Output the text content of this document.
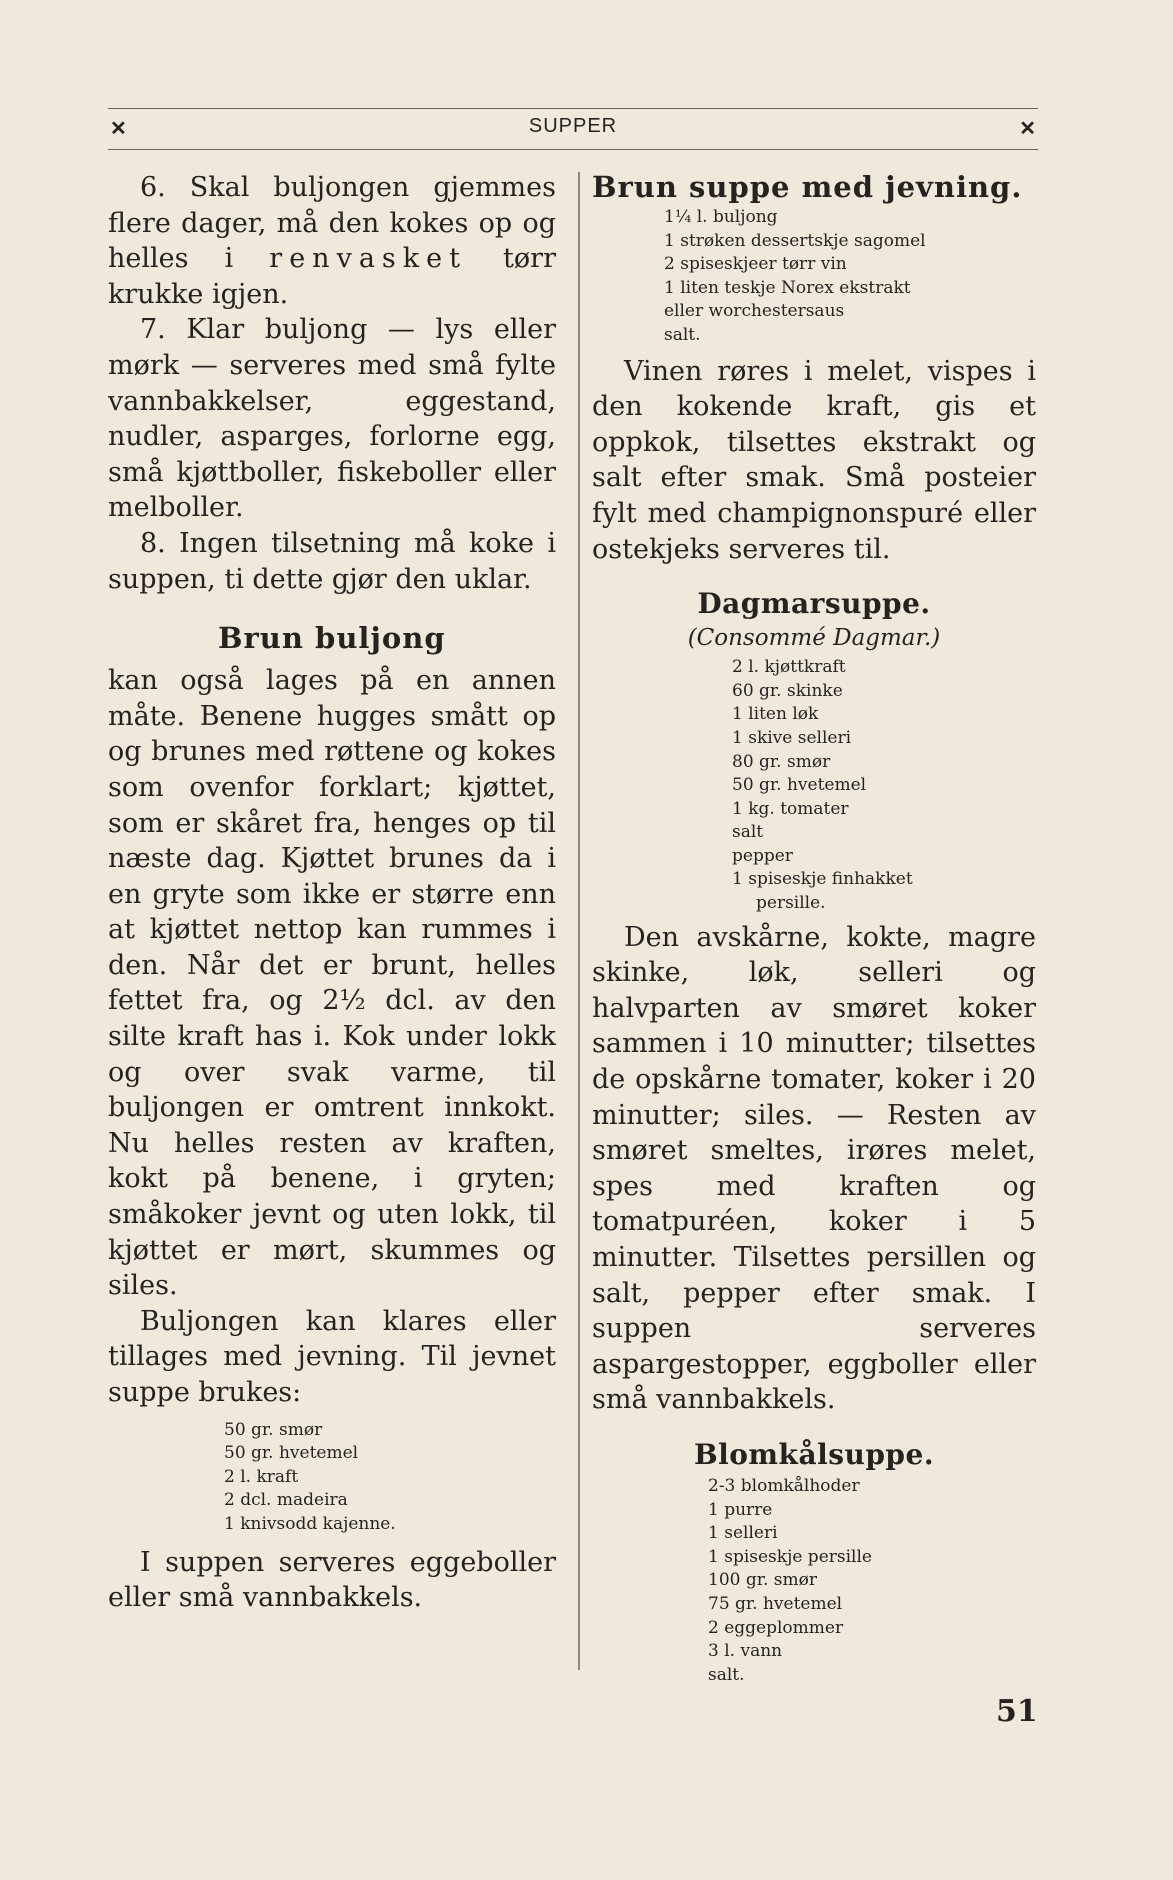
✕	SUPPER	✕

6. Skal buljongen gjemmes flere dager, må den kokes op og helles i renvasket tørr krukke igjen.

7. Klar buljong — lys eller mørk — serveres med små fylte vannbakkelser, eggestand, nudler, asparges, forlorne egg, små kjøttboller, fiskeboller eller melboller.

8. Ingen tilsetning må koke i suppen, ti dette gjør den uklar.

Brun buljong

kan også lages på en annen måte. Benene hugges smått op og brunes med røttene og kokes som ovenfor forklart; kjøttet, som er skåret fra, henges op til næste dag. Kjøttet brunes da i en gryte som ikke er større enn at kjøttet nettop kan rummes i den. Når det er brunt, helles fettet fra, og 2½ dcl. av den silte kraft has i. Kok under lokk og over svak varme, til buljongen er omtrent innkokt. Nu helles resten av kraften, kokt på benene, i gryten; småkoker jevnt og uten lokk, til kjøttet er mørt, skummes og siles.

Buljongen kan klares eller tillages med jevning. Til jevnet suppe brukes:

50 gr. smør
50 gr. hvetemel
2 l. kraft
2 dcl. madeira
1 knivsodd kajenne.

I suppen serveres eggeboller eller små vannbakkels.

Brun suppe med jevning.
1¼ l. buljong
1 strøken dessertskje sagomel
2 spiseskjeer tørr vin
1 liten teskje Norex ekstrakt
eller worchestersaus
salt.

Vinen røres i melet, vispes i den kokende kraft, gis et oppkok, tilsettes ekstrakt og salt efter smak. Små posteier fylt med champignonspuré eller ostekjeks serveres til.

Dagmarsuppe.

(Consommé Dagmar.)

2 l. kjøttkraft
60 gr. skinke
1 liten løk
1 skive selleri
80 gr. smør
50 gr. hvetemel
1 kg. tomater
salt
pepper
1 spiseskje finhakket
persille.

Den avskårne, kokte, magre skinke, løk, selleri og halvparten av smøret koker sammen i 10 minutter; tilsettes de opskårne tomater, koker i 20 minutter; siles. — Resten av smøret smeltes, irøres melet, spes med kraften og tomatpuréen, koker i 5 minutter. Tilsettes persillen og salt, pepper efter smak. I suppen serveres aspargestopper, eggboller eller små vannbakkels.

Blomkålsuppe.
2-3 blomkålhoder
1 purre
1 selleri
1 spiseskje persille
100 gr. smør
75 gr. hvetemel
2 eggeplommer
3 l. vann
salt.
51
